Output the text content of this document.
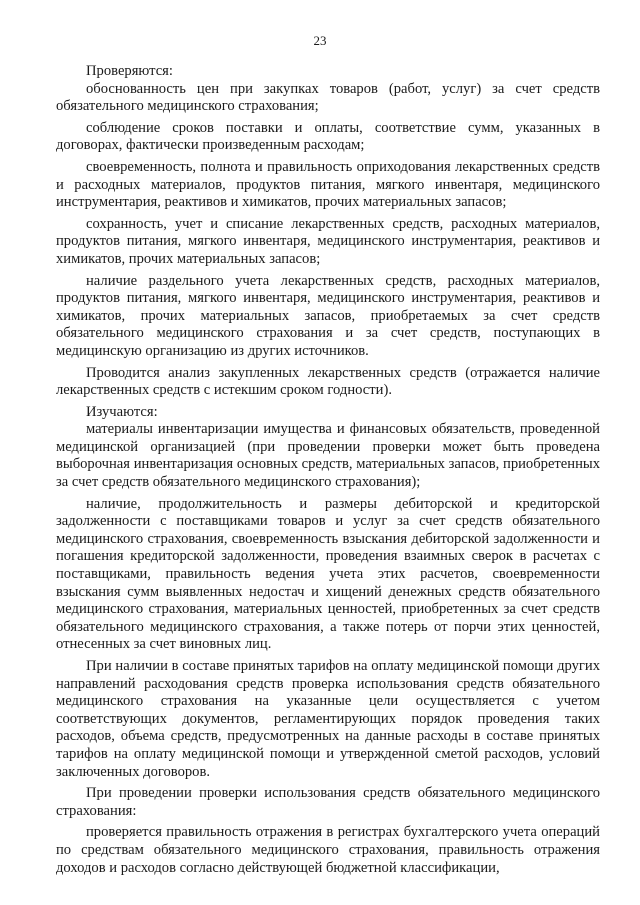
23

Проверяются:

обоснованность цен при закупках товаров (работ, услуг) за счет средств обязательного медицинского страхования;

соблюдение сроков поставки и оплаты, соответствие сумм, указанных в договорах, фактически произведенным расходам;

своевременность, полнота и правильность оприходования лекарственных средств и расходных материалов, продуктов питания, мягкого инвентаря, медицинского инструментария, реактивов и химикатов, прочих материальных запасов;

сохранность, учет и списание лекарственных средств, расходных материалов, продуктов питания, мягкого инвентаря, медицинского инструментария, реактивов и химикатов, прочих материальных запасов;

наличие раздельного учета лекарственных средств, расходных материалов, продуктов питания, мягкого инвентаря, медицинского инструментария, реактивов и химикатов, прочих материальных запасов, приобретаемых за счет средств обязательного медицинского страхования и за счет средств, поступающих в медицинскую организацию из других источников.

Проводится анализ закупленных лекарственных средств (отражается наличие лекарственных средств с истекшим сроком годности).

Изучаются:

материалы инвентаризации имущества и финансовых обязательств, проведенной медицинской организацией (при проведении проверки может быть проведена выборочная инвентаризация основных средств, материальных запасов, приобретенных за счет средств обязательного медицинского страхования);

наличие, продолжительность и размеры дебиторской и кредиторской задолженности с поставщиками товаров и услуг за счет средств обязательного медицинского страхования, своевременность взыскания дебиторской задолженности и погашения кредиторской задолженности, проведения взаимных сверок в расчетах с поставщиками, правильность ведения учета этих расчетов, своевременности взыскания сумм выявленных недостач и хищений денежных средств обязательного медицинского страхования, материальных ценностей, приобретенных за счет средств обязательного медицинского страхования, а также потерь от порчи этих ценностей, отнесенных за счет виновных лиц.

При наличии в составе принятых тарифов на оплату медицинской помощи других направлений расходования средств проверка использования средств обязательного медицинского страхования на указанные цели осуществляется с учетом соответствующих документов, регламентирующих порядок проведения таких расходов, объема средств, предусмотренных на данные расходы в составе принятых тарифов на оплату медицинской помощи и утвержденной сметой расходов, условий заключенных договоров.

При проведении проверки использования средств обязательного медицинского страхования:

проверяется правильность отражения в регистрах бухгалтерского учета операций по средствам обязательного медицинского страхования, правильность отражения доходов и расходов согласно действующей бюджетной классификации,
